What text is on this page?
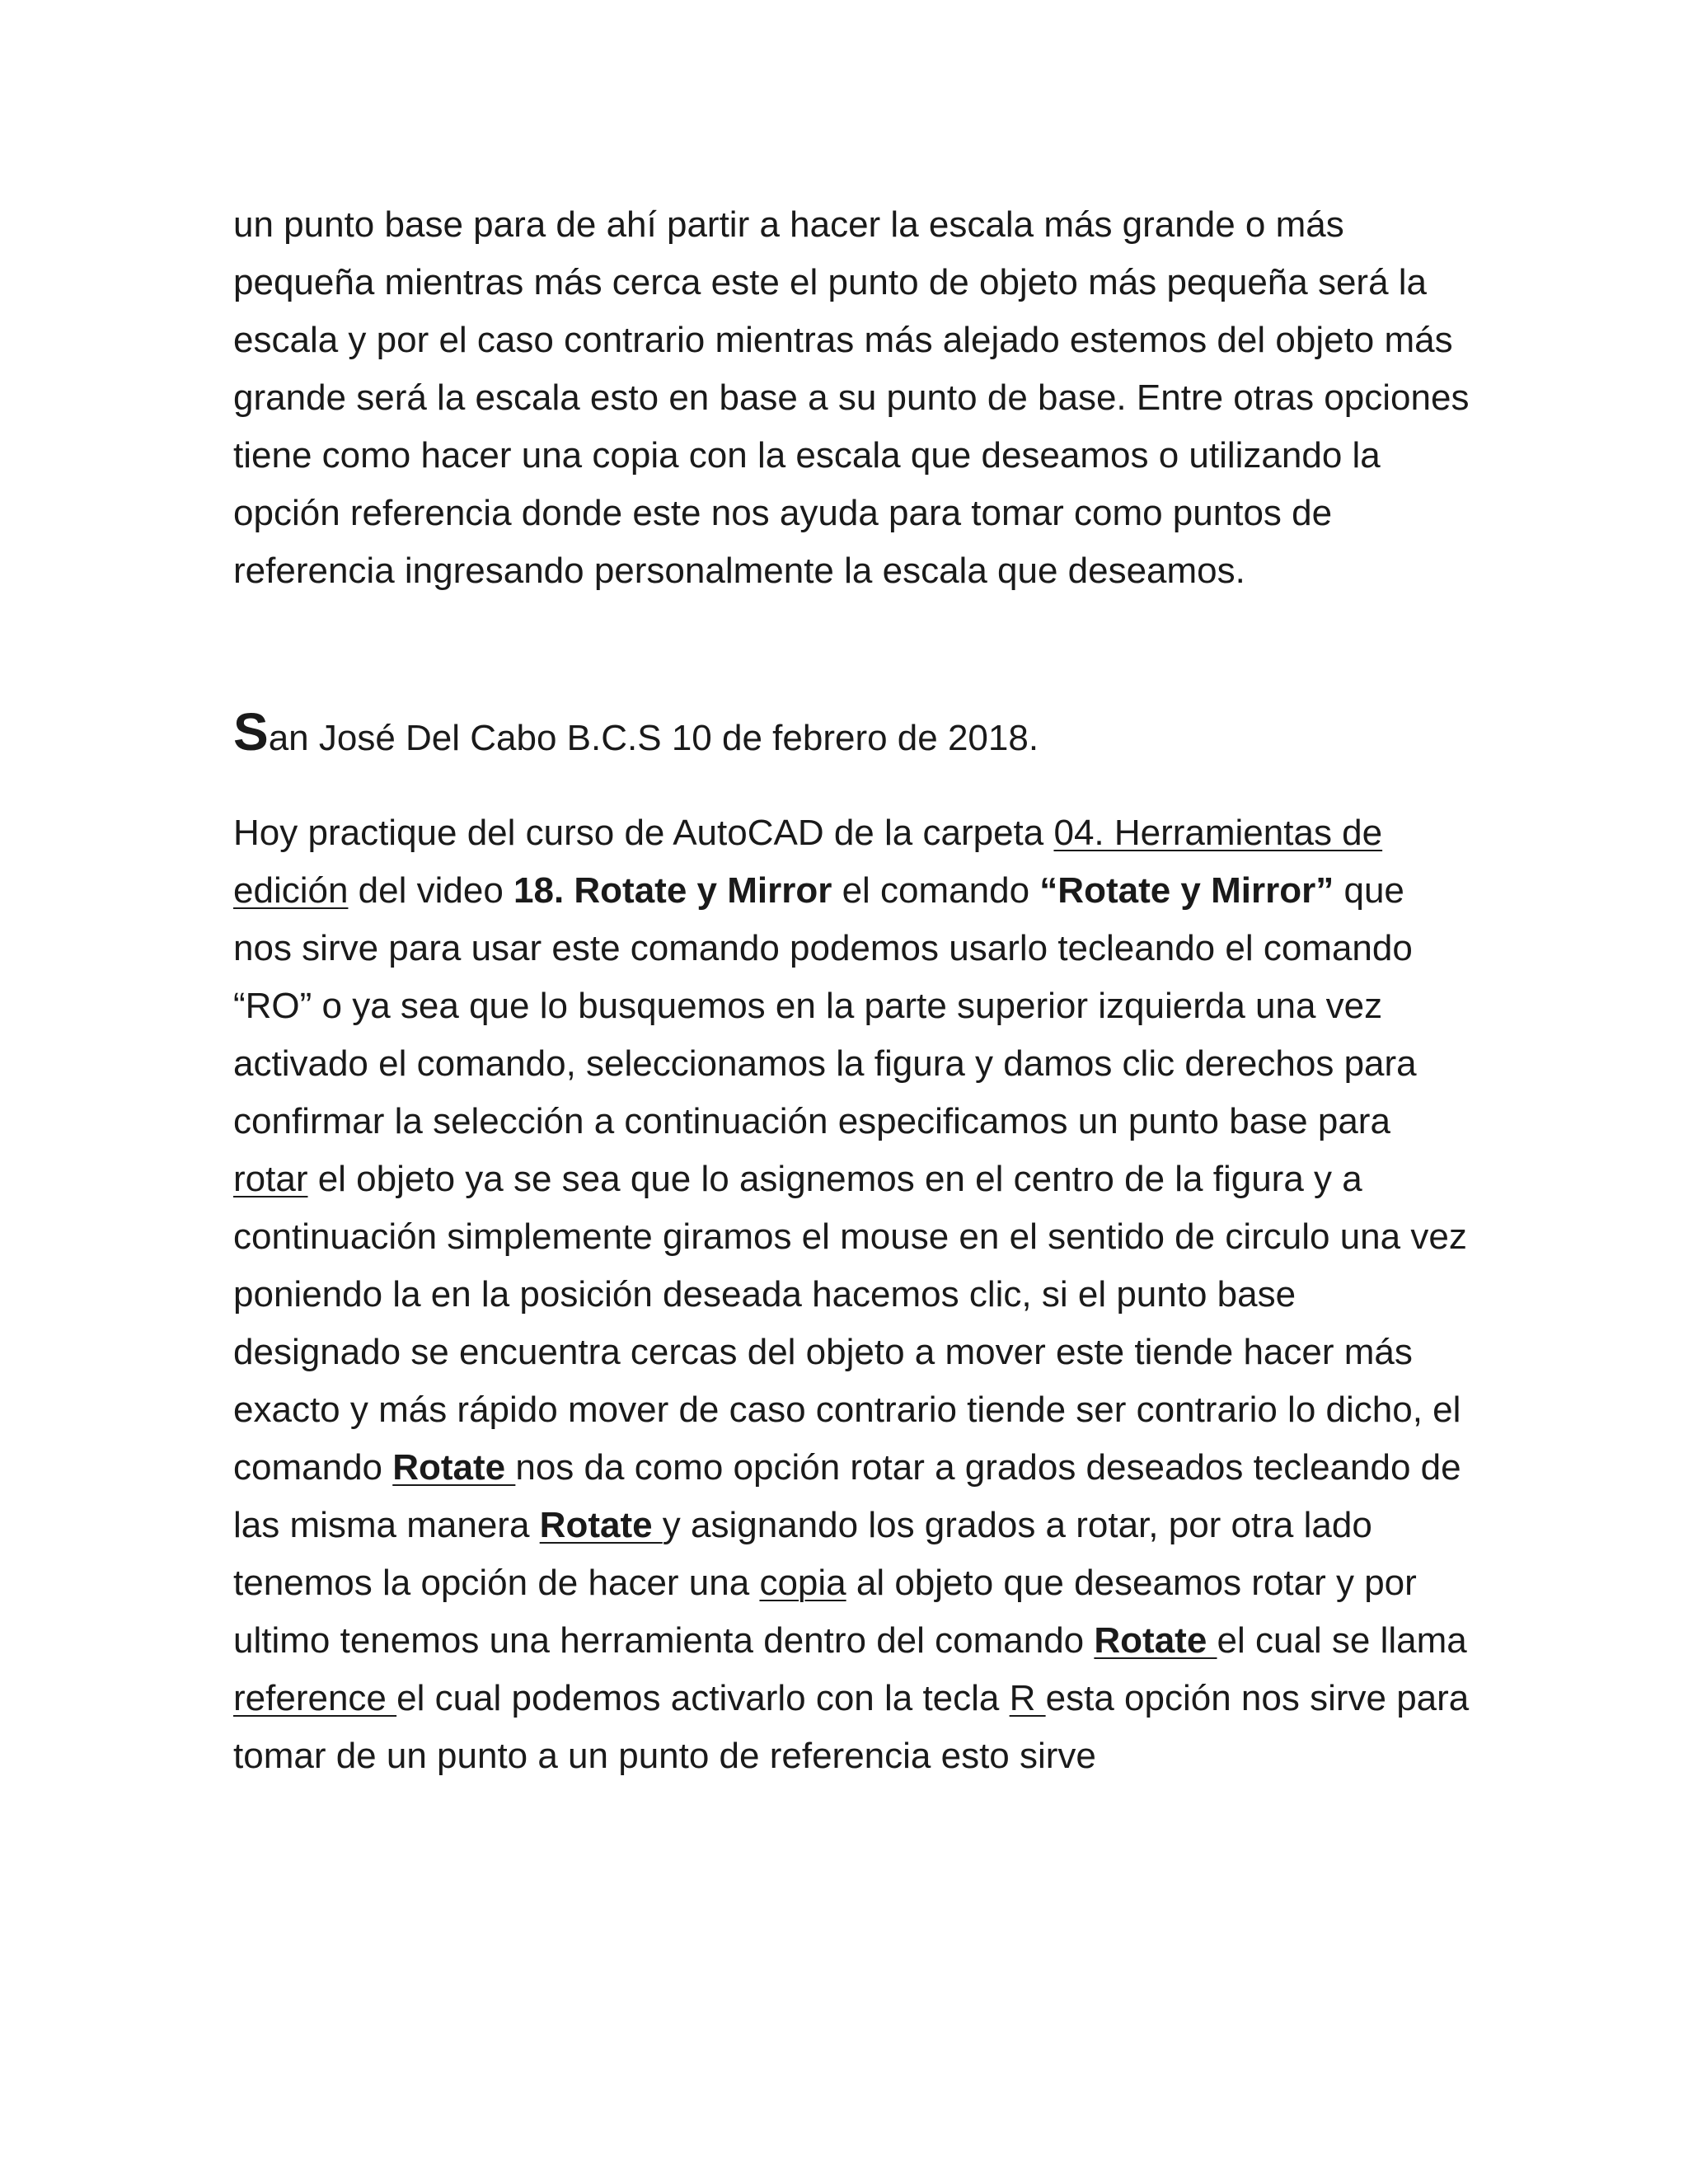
un punto base para de ahí partir a hacer la escala más grande o más pequeña mientras más cerca este el punto de objeto más pequeña será la escala y por el caso contrario mientras más alejado estemos del objeto más grande será la escala esto en base a su punto de base. Entre otras opciones tiene como hacer una copia con la escala que deseamos o utilizando la opción referencia donde este nos ayuda para tomar como puntos de referencia ingresando personalmente la escala que deseamos.

San José Del Cabo B.C.S 10 de febrero de 2018.

Hoy practique del curso de AutoCAD de la carpeta 04. Herramientas de edición del video 18. Rotate y Mirror el comando “Rotate y Mirror” que nos sirve para usar este comando podemos usarlo tecleando el comando “RO” o ya sea que lo busquemos en la parte superior izquierda una vez activado el comando, seleccionamos la figura y damos clic derechos para confirmar la selección a continuación especificamos un punto base para rotar el objeto ya se sea que lo asignemos en el centro de la figura y a continuación simplemente giramos el mouse en el sentido de circulo una vez poniendo la en la posición deseada hacemos clic, si el punto base designado se encuentra cercas del objeto a mover este tiende hacer más exacto y más rápido mover de caso contrario tiende ser contrario lo dicho, el comando Rotate nos da como opción rotar a grados deseados tecleando de las misma manera Rotate y asignando los grados a rotar, por otra lado tenemos la opción de hacer una copia al objeto que deseamos rotar y por ultimo tenemos una herramienta dentro del comando Rotate el cual se llama reference el cual podemos activarlo con la tecla R esta opción nos sirve para tomar de un punto a un punto de referencia esto sirve
